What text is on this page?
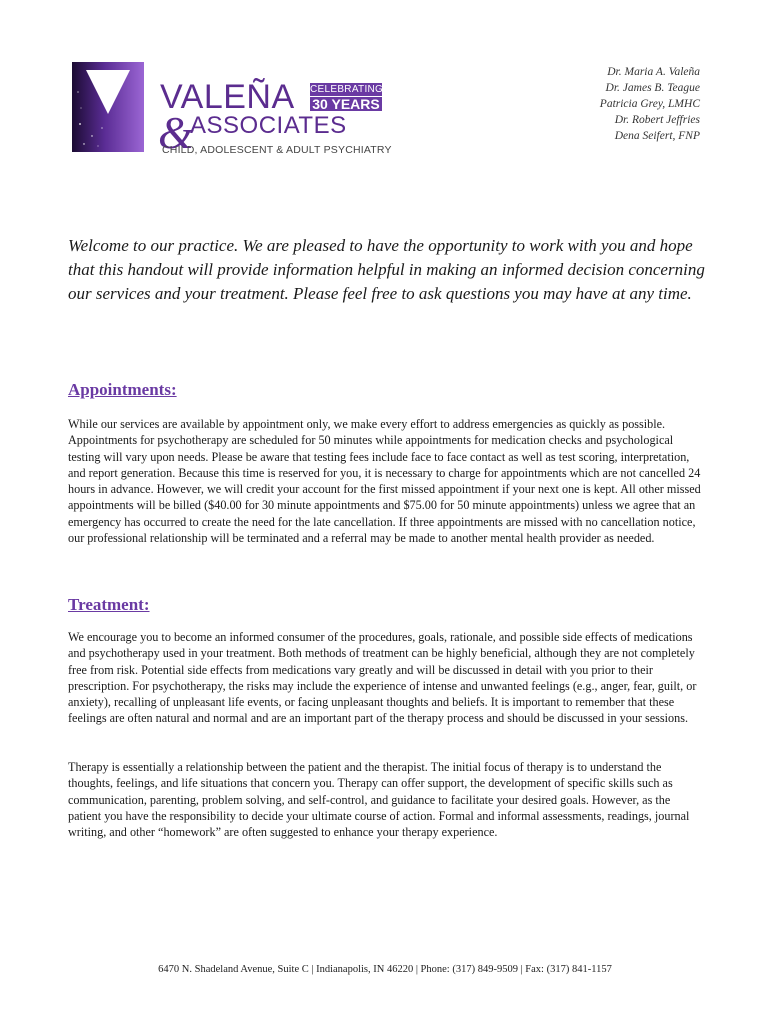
VALEÑA CELEBRATING
30 YEARS
&
ASSOCIATES
CHILD, ADOLESCENT & ADULT PSYCHIATRY
Dr. Maria A. Valeña
Dr. James B. Teague
Patricia Grey, LMHC
Dr. Robert Jeffries
Dena Seifert, FNP
Welcome to our practice. We are pleased to have the opportunity to work with you and hope that this handout will provide information helpful in making an informed decision concerning our services and your treatment. Please feel free to ask questions you may have at any time.
Appointments:
While our services are available by appointment only, we make every effort to address emergencies as quickly as possible. Appointments for psychotherapy are scheduled for 50 minutes while appointments for medication checks and psychological testing will vary upon needs. Please be aware that testing fees include face to face contact as well as test scoring, interpretation, and report generation. Because this time is reserved for you, it is necessary to charge for appointments which are not cancelled 24 hours in advance. However, we will credit your account for the first missed appointment if your next one is kept. All other missed appointments will be billed ($40.00 for 30 minute appointments and $75.00 for 50 minute appointments) unless we agree that an emergency has occurred to create the need for the late cancellation. If three appointments are missed with no cancellation notice, our professional relationship will be terminated and a referral may be made to another mental health provider as needed.
Treatment:
We encourage you to become an informed consumer of the procedures, goals, rationale, and possible side effects of medications and psychotherapy used in your treatment. Both methods of treatment can be highly beneficial, although they are not completely free from risk. Potential side effects from medications vary greatly and will be discussed in detail with you prior to their prescription. For psychotherapy, the risks may include the experience of intense and unwanted feelings (e.g., anger, fear, guilt, or anxiety), recalling of unpleasant life events, or facing unpleasant thoughts and beliefs. It is important to remember that these feelings are often natural and normal and are an important part of the therapy process and should be discussed in your sessions.
Therapy is essentially a relationship between the patient and the therapist. The initial focus of therapy is to understand the thoughts, feelings, and life situations that concern you. Therapy can offer support, the development of specific skills such as communication, parenting, problem solving, and self-control, and guidance to facilitate your desired goals. However, as the patient you have the responsibility to decide your ultimate course of action. Formal and informal assessments, readings, journal writing, and other “homework” are often suggested to enhance your therapy experience.
6470 N. Shadeland Avenue, Suite C | Indianapolis, IN 46220 | Phone: (317) 849-9509 | Fax: (317) 841-1157
